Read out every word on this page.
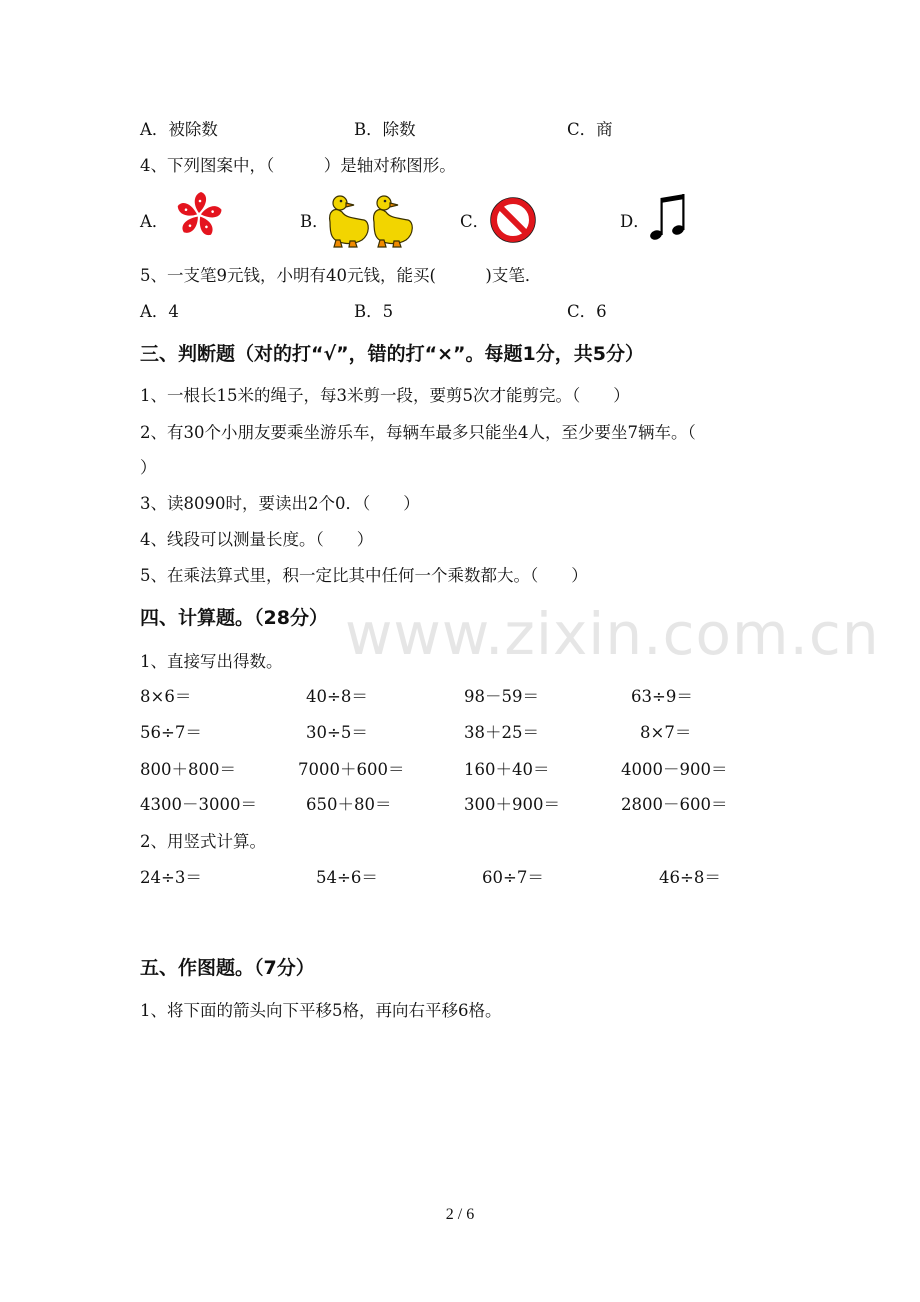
www.zixin.com.cn
A．被除数	B．除数	C．商
4、下列图案中，（　　　）是轴对称图形。
A．	B．	C．	D．
5、一支笔9元钱，小明有40元钱，能买(　　　)支笔．
A．4	B．5	C．6
三、判断题（对的打“√”，错的打“×”。每题1分，共5分）
1、一根长15米的绳子，每3米剪一段，要剪5次才能剪完。（　　）
2、有30个小朋友要乘坐游乐车，每辆车最多只能坐4人，至少要坐7辆车。（
）
3、读8090时，要读出2个0．（　　）
4、线段可以测量长度。（　　）
5、在乘法算式里，积一定比其中任何一个乘数都大。（　　）
四、计算题。（28分）
1、直接写出得数。
8×6＝	40÷8＝	98－59＝	63÷9＝
56÷7＝	30÷5＝	38＋25＝	8×7＝
800＋800＝	7000＋600＝	160＋40＝	4000－900＝
4300－3000＝	650＋80＝	300＋900＝	2800－600＝
2、用竖式计算。
24÷3＝	54÷6＝	60÷7＝	46÷8＝
五、作图题。（7分）
1、将下面的箭头向下平移5格，再向右平移6格。
2 / 6
